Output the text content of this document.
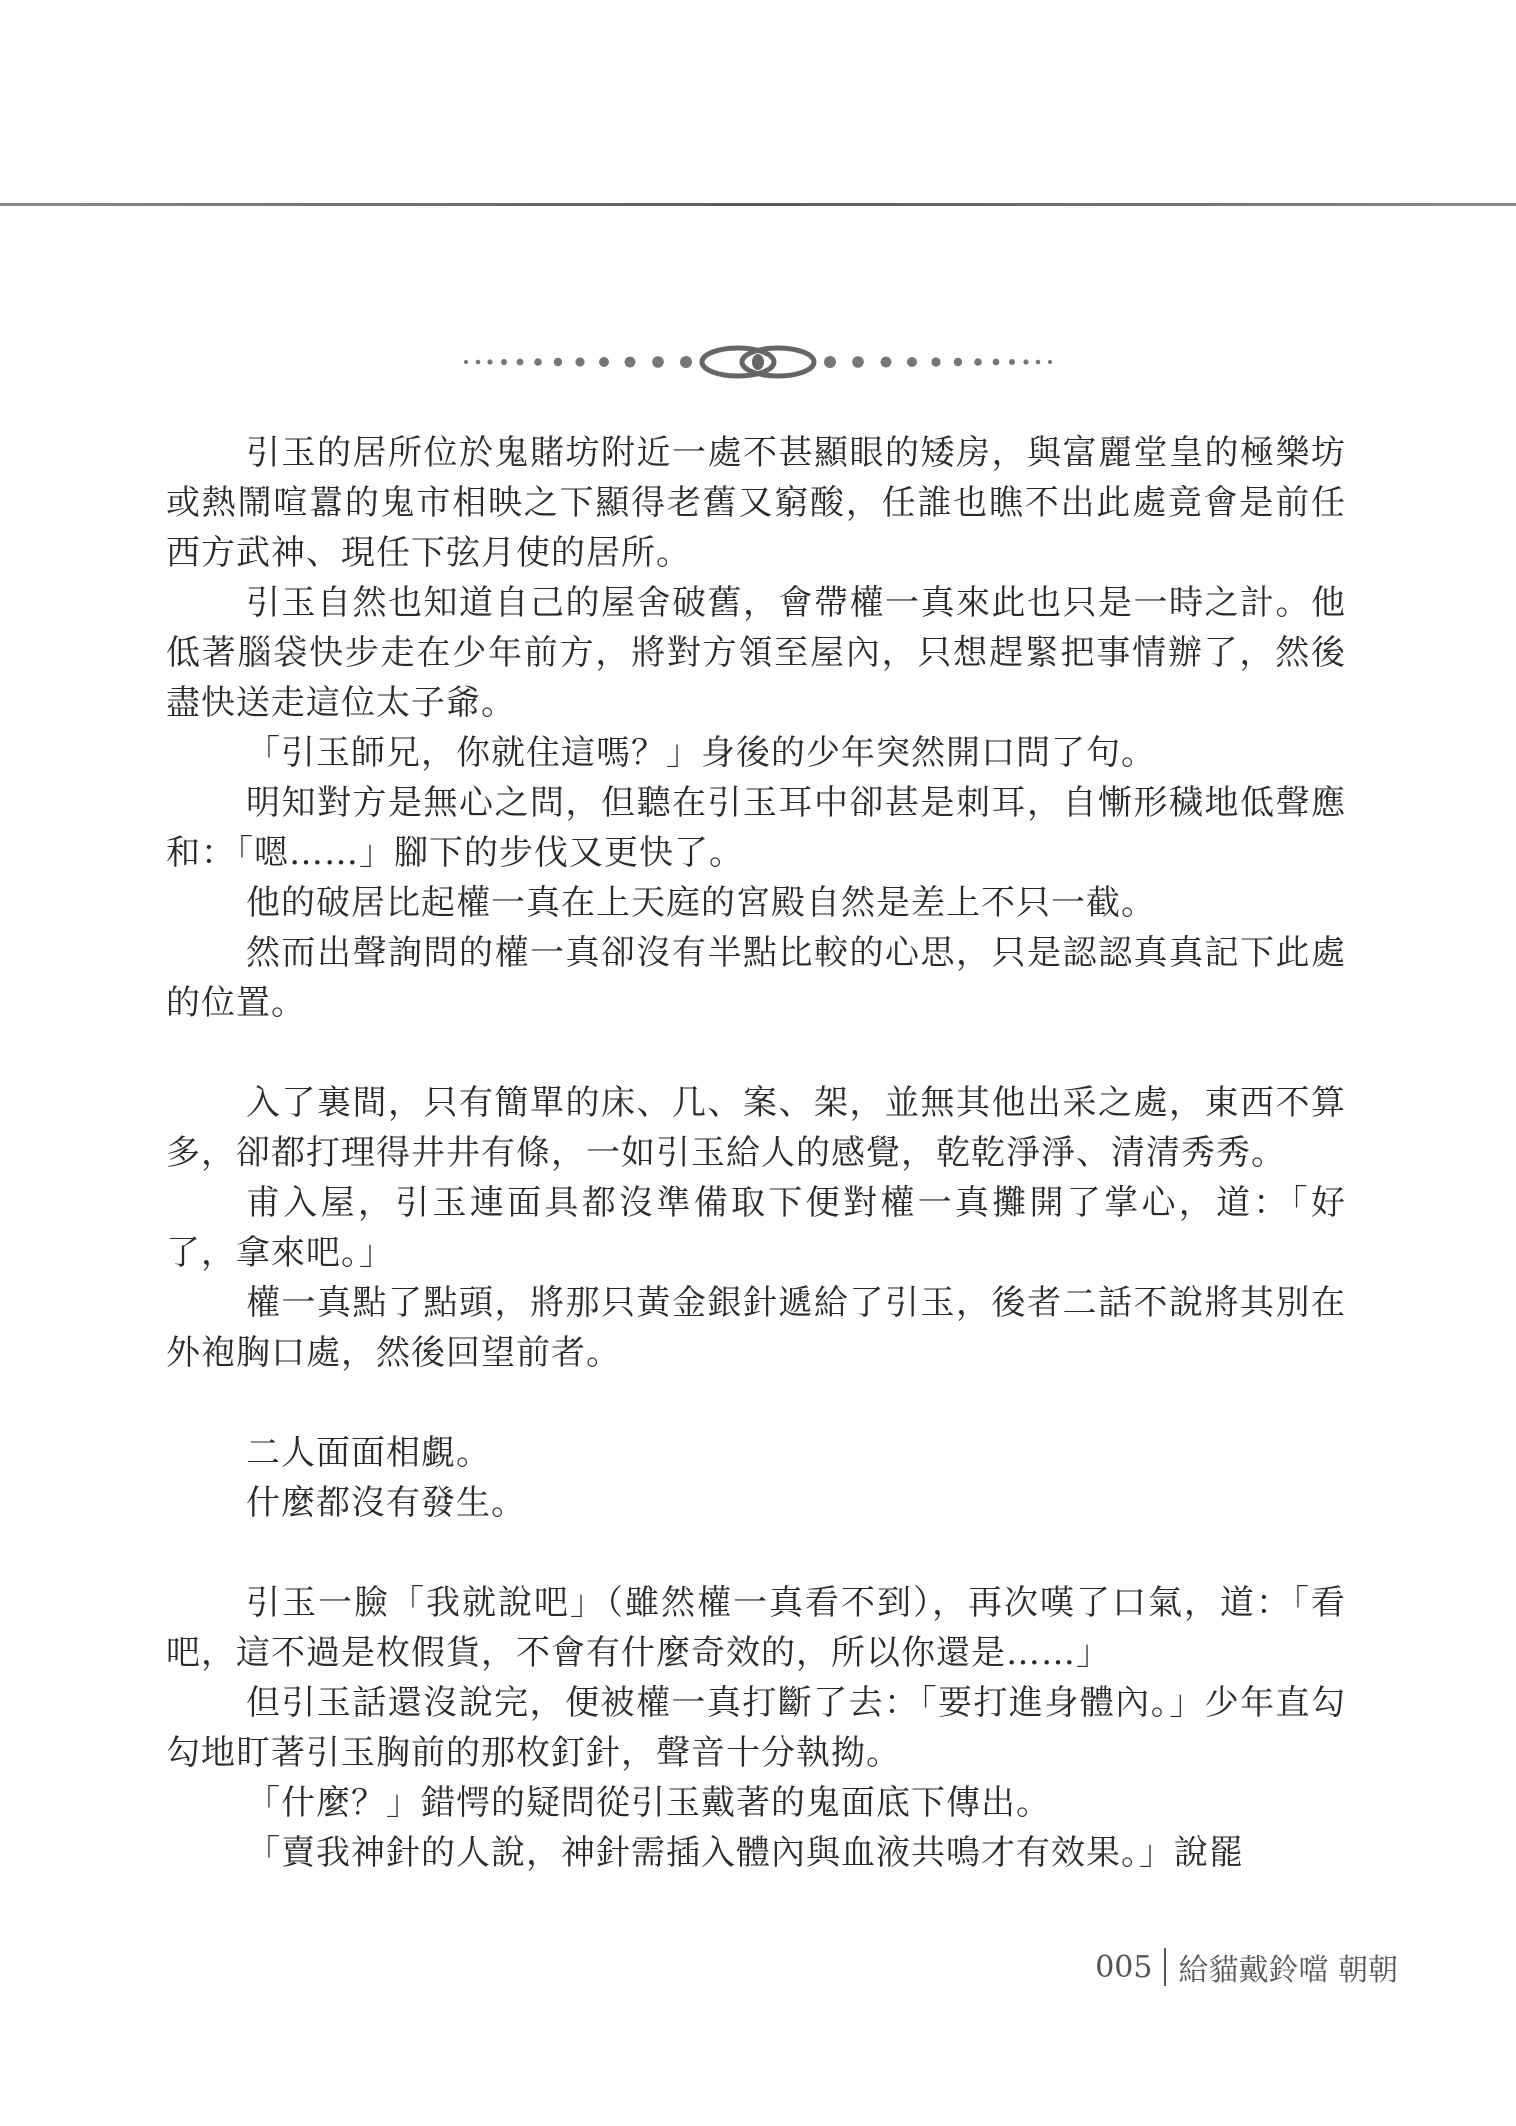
引玉的居所位於鬼賭坊附近一處不甚顯眼的矮房，與富麗堂皇的極樂坊或熱鬧喧囂的鬼市相映之下顯得老舊又窮酸，任誰也瞧不出此處竟會是前任西方武神、現任下弦月使的居所。

引玉自然也知道自己的屋舍破舊，會帶權一真來此也只是一時之計。他低著腦袋快步走在少年前方，將對方領至屋內，只想趕緊把事情辦了，然後盡快送走這位太子爺。

「引玉師兄，你就住這嗎？」身後的少年突然開口問了句。

明知對方是無心之問，但聽在引玉耳中卻甚是刺耳，自慚形穢地低聲應和：「嗯……」腳下的步伐又更快了。

他的破居比起權一真在上天庭的宮殿自然是差上不只一截。

然而出聲詢問的權一真卻沒有半點比較的心思，只是認認真真記下此處的位置。

入了裏間，只有簡單的床、几、案、架，並無其他出采之處，東西不算多，卻都打理得井井有條，一如引玉給人的感覺，乾乾淨淨、清清秀秀。

甫入屋，引玉連面具都沒準備取下便對權一真攤開了掌心，道：「好了，拿來吧。」

權一真點了點頭，將那只黃金銀針遞給了引玉，後者二話不說將其別在外袍胸口處，然後回望前者。

二人面面相覷。

什麼都沒有發生。

引玉一臉「我就說吧」（雖然權一真看不到），再次嘆了口氣，道：「看吧，這不過是枚假貨，不會有什麼奇效的，所以你還是……」

但引玉話還沒說完，便被權一真打斷了去：「要打進身體內。」少年直勾勾地盯著引玉胸前的那枚釘針，聲音十分執拗。

「什麼？」錯愕的疑問從引玉戴著的鬼面底下傳出。

「賣我神針的人說，神針需插入體內與血液共鳴才有效果。」說罷

005 給貓戴鈴噹 朝朝
